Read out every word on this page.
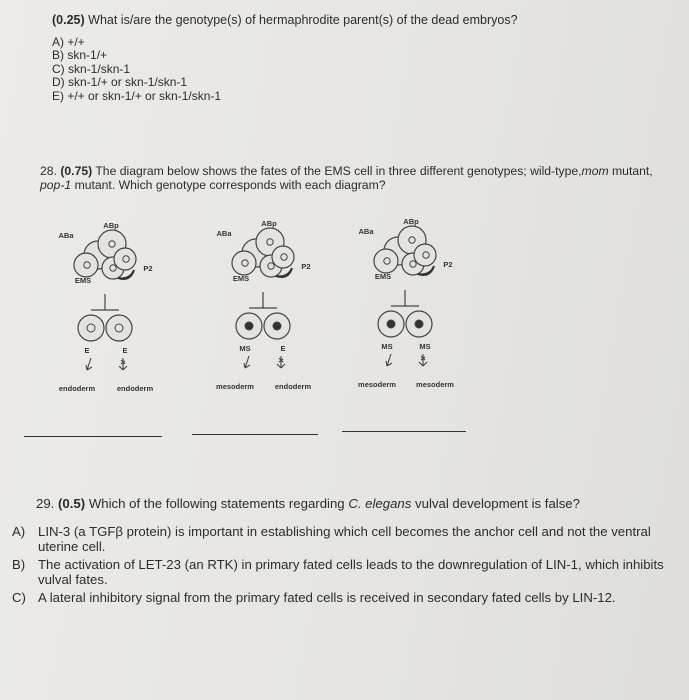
(0.25) What is/are the genotype(s) of hermaphrodite parent(s) of the dead embryos?
A) +/+
B) skn-1/+
C) skn-1/skn-1
D) skn-1/+ or skn-1/skn-1
E) +/+ or skn-1/+ or skn-1/skn-1
28. (0.75) The diagram below shows the fates of the EMS cell in three different genotypes; wild-type,mom mutant, pop-1 mutant. Which genotype corresponds with each diagram?
ABa
ABp
P2
EMS
E	E
endoderm	endoderm
ABa
ABp
P2
EMS
MS	E
mesoderm	endoderm
ABa
ABp
P2
EMS
MS	MS
mesoderm	mesoderm
29. (0.5) Which of the following statements regarding C. elegans vulval development is false?
A) LIN-3 (a TGFβ protein) is important in establishing which cell becomes the anchor cell and not the ventral uterine cell.
B) The activation of LET-23 (an RTK) in primary fated cells leads to the downregulation of LIN-1, which inhibits vulval fates.
C) A lateral inhibitory signal from the primary fated cells is received in secondary fated cells by LIN-12.
